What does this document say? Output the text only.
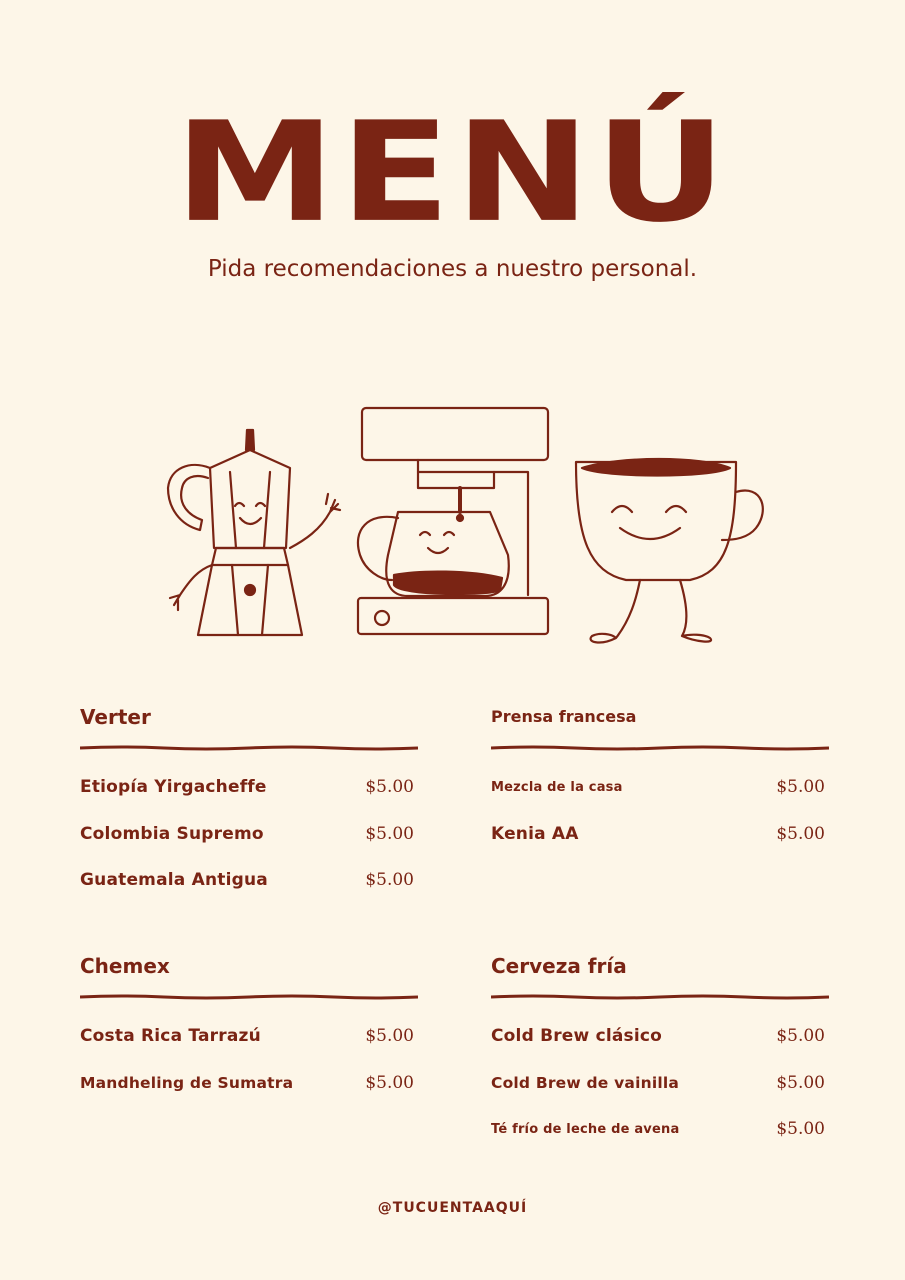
MENÚ
Pida recomendaciones a nuestro personal.
Verter
Etiopía Yirgacheffe	$5.00
Colombia Supremo	$5.00
Guatemala Antigua	$5.00
Prensa francesa
Mezcla de la casa	$5.00
Kenia AA	$5.00
Chemex
Costa Rica Tarrazú	$5.00
Mandheling de Sumatra	$5.00
Cerveza fría
Cold Brew clásico	$5.00
Cold Brew de vainilla	$5.00
Té frío de leche de avena	$5.00
@TUCUENTAAQUÍ
